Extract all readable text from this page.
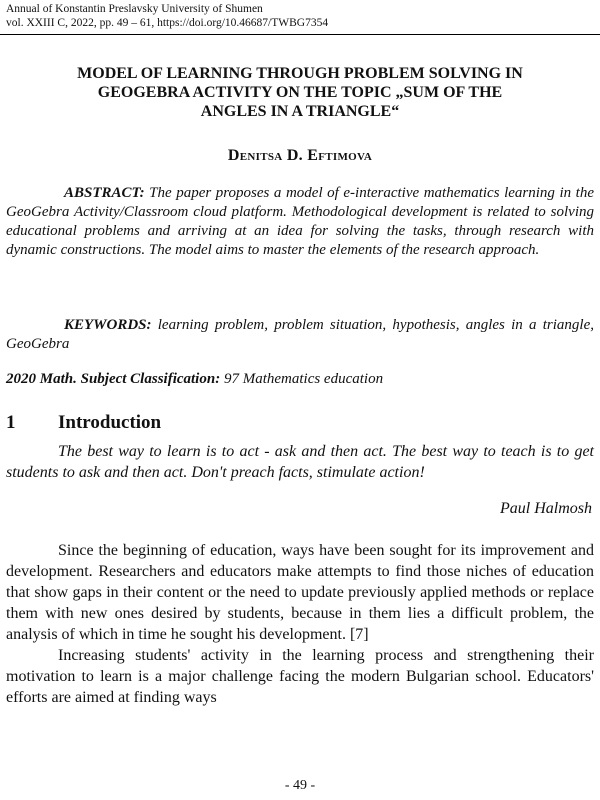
Annual of Konstantin Preslavsky University of Shumen
vol. XXIII C, 2022, pp. 49 – 61, https://doi.org/10.46687/TWBG7354
MODEL OF LEARNING THROUGH PROBLEM SOLVING IN
GEOGEBRA ACTIVITY ON THE TOPIC „SUM OF THE
ANGLES IN A TRIANGLE“
Denitsa D. Eftimova
ABSTRACT: The paper proposes a model of e-interactive mathematics learning in the GeoGebra Activity/Classroom cloud platform. Methodological development is related to solving educational problems and arriving at an idea for solving the tasks, through research with dynamic constructions. The model aims to master the elements of the research approach.
KEYWORDS: learning problem, problem situation, hypothesis, angles in a triangle, GeoGebra
2020 Math. Subject Classification: 97 Mathematics education
1 Introduction
The best way to learn is to act - ask and then act. The best way to teach is to get students to ask and then act. Don't preach facts, stimulate action!
Paul Halmosh

Since the beginning of education, ways have been sought for its improvement and development. Researchers and educators make attempts to find those niches of education that show gaps in their content or the need to update previously applied methods or replace them with new ones desired by students, because in them lies a difficult problem, the analysis of which in time he sought his development. [7]

Increasing students' activity in the learning process and strengthening their motivation to learn is a major challenge facing the modern Bulgarian school. Educators' efforts are aimed at finding ways

- 49 -
